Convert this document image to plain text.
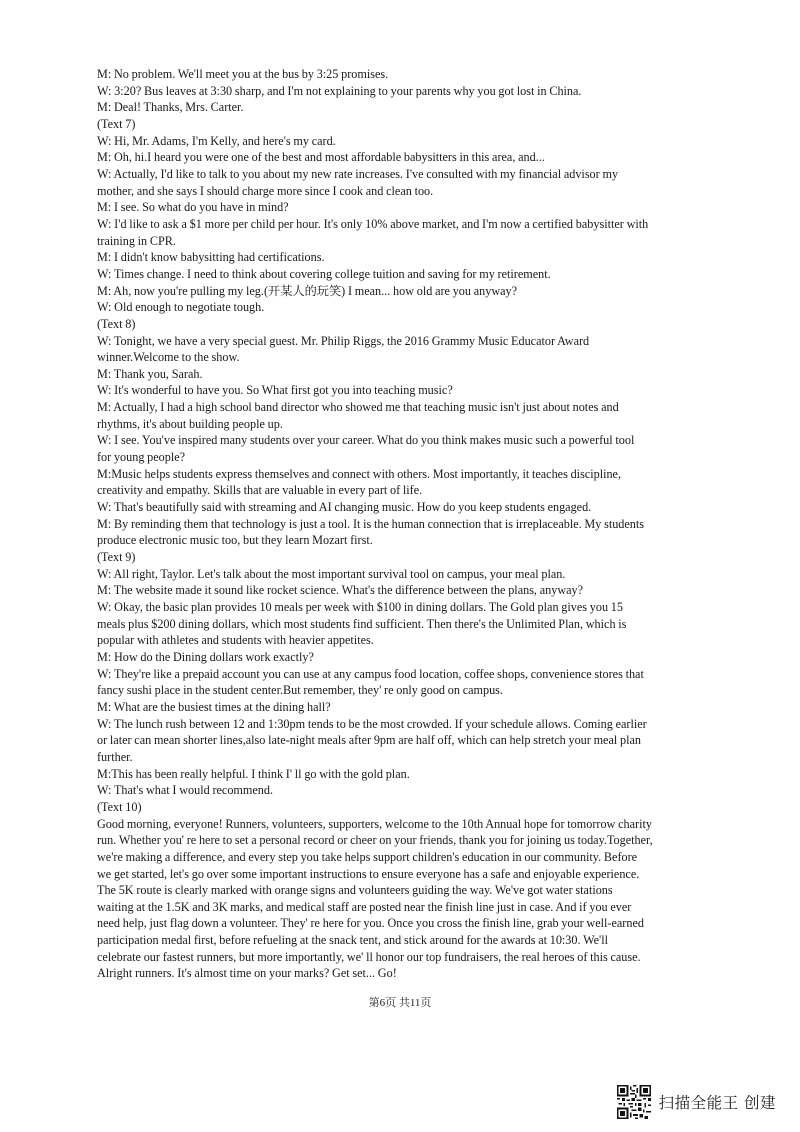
M: No problem. We'll meet you at the bus by 3:25 promises.

W: 3:20? Bus leaves at 3:30 sharp, and I'm not explaining to your parents why you got lost in China.

M: Deal! Thanks, Mrs. Carter.

(Text 7)

W: Hi, Mr. Adams, I'm Kelly, and here's my card.

M: Oh, hi.I heard you were one of the best and most affordable babysitters in this area, and...

W: Actually, I'd like to talk to you about my new rate increases. I've consulted with my financial advisor my

mother, and she says I should charge more since I cook and clean too.

M: I see. So what do you have in mind?

W: I'd like to ask a $1 more per child per hour. It's only 10% above market, and I'm now a certified babysitter with

training in CPR.

M: I didn't know babysitting had certifications.

W: Times change. I need to think about covering college tuition and saving for my retirement.

M: Ah, now you're pulling my leg.(开某人的玩笑) I mean... how old are you anyway?

W: Old enough to negotiate tough.

(Text 8)

W: Tonight, we have a very special guest. Mr. Philip Riggs, the 2016 Grammy Music Educator Award

winner.Welcome to the show.

M: Thank you, Sarah.

W: It's wonderful to have you. So What first got you into teaching music?

M: Actually, I had a high school band director who showed me that teaching music isn't just about notes and

rhythms, it's about building people up.

W: I see. You've inspired many students over your career. What do you think makes music such a powerful tool

for young people?

M:Music helps students express themselves and connect with others. Most importantly, it teaches discipline,

creativity and empathy. Skills that are valuable in every part of life.

W: That's beautifully said with streaming and AI changing music. How do you keep students engaged.

M: By reminding them that technology is just a tool. It is the human connection that is irreplaceable. My students

produce electronic music too, but they learn Mozart first.

(Text 9)

W: All right, Taylor. Let's talk about the most important survival tool on campus, your meal plan.

M: The website made it sound like rocket science. What's the difference between the plans, anyway?

W: Okay, the basic plan provides 10 meals per week with $100 in dining dollars. The Gold plan gives you 15

meals plus $200 dining dollars, which most students find sufficient. Then there's the Unlimited Plan, which is

popular with athletes and students with heavier appetites.

M: How do the Dining dollars work exactly?

W: They're like a prepaid account you can use at any campus food location, coffee shops, convenience stores that

fancy sushi place in the student center.But remember, they' re only good on campus.

M: What are the busiest times at the dining hall?

W: The lunch rush between 12 and 1:30pm tends to be the most crowded. If your schedule allows. Coming earlier

or later can mean shorter lines,also late-night meals after 9pm are half off, which can help stretch your meal plan

further.

M:This has been really helpful. I think I' ll go with the gold plan.

W: That's what I would recommend.

(Text 10)

Good morning, everyone! Runners, volunteers, supporters, welcome to the 10th Annual hope for tomorrow charity

run. Whether you' re here to set a personal record or cheer on your friends, thank you for joining us today.Together,

we're making a difference, and every step you take helps support children's education in our community. Before

we get started, let's go over some important instructions to ensure everyone has a safe and enjoyable experience.

The 5K route is clearly marked with orange signs and volunteers guiding the way. We've got water stations

waiting at the 1.5K and 3K marks, and medical staff are posted near the finish line just in case. And if you ever

need help, just flag down a volunteer. They' re here for you. Once you cross the finish line, grab your well-earned

participation medal first, before refueling at the snack tent, and stick around for the awards at 10:30. We'll

celebrate our fastest runners, but more importantly, we' ll honor our top fundraisers, the real heroes of this cause.

Alright runners. It's almost time on your marks? Get set... Go!

第6页 共11页
扫描全能王 创建
